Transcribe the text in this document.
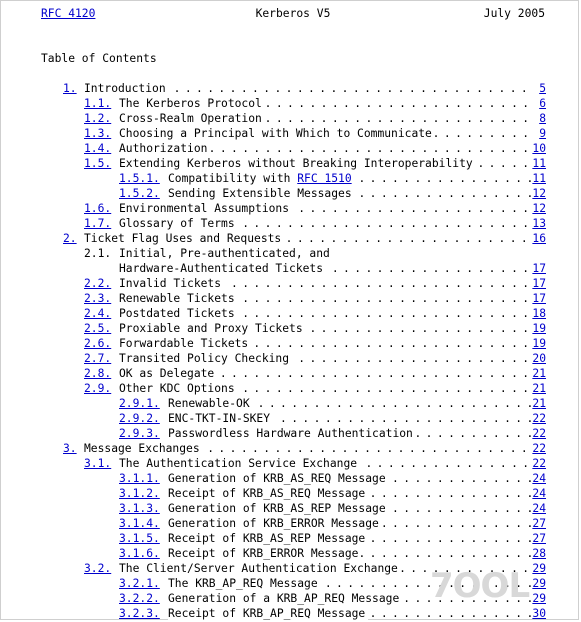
RFC 4120	Kerberos V5	July 2005
Table of Contents
1. Introduction . . .	5
1.1. The Kerberos Protocol . . .	6
1.2. Cross-Realm Operation . . .	8
1.3. Choosing a Principal with Which to Communicate . . .	9
1.4. Authorization . . .	10
1.5. Extending Kerberos without Breaking Interoperability . . .	11
1.5.1. Compatibility with RFC 1510 . . .	11
1.5.2. Sending Extensible Messages . . .	12
1.6. Environmental Assumptions . . .	12
1.7. Glossary of Terms . . .	13
2. Ticket Flag Uses and Requests . . .	16
2.1. Initial, Pre-authenticated, and
Hardware-Authenticated Tickets . . .	17
2.2. Invalid Tickets . . .	17
2.3. Renewable Tickets . . .	17
2.4. Postdated Tickets . . .	18
2.5. Proxiable and Proxy Tickets . . .	19
2.6. Forwardable Tickets . . .	19
2.7. Transited Policy Checking . . .	20
2.8. OK as Delegate . . .	21
2.9. Other KDC Options . . .	21
2.9.1. Renewable-OK . . .	21
2.9.2. ENC-TKT-IN-SKEY . . .	22
2.9.3. Passwordless Hardware Authentication . . .	22
3. Message Exchanges . . .	22
3.1. The Authentication Service Exchange . . .	22
3.1.1. Generation of KRB_AS_REQ Message . . .	24
3.1.2. Receipt of KRB_AS_REQ Message . . .	24
3.1.3. Generation of KRB_AS_REP Message . . .	24
3.1.4. Generation of KRB_ERROR Message . . .	27
3.1.5. Receipt of KRB_AS_REP Message . . .	27
3.1.6. Receipt of KRB_ERROR Message . . .	28
3.2. The Client/Server Authentication Exchange . . .	29
3.2.1. The KRB_AP_REQ Message . . .	29
3.2.2. Generation of a KRB_AP_REQ Message . . .	29
3.2.3. Receipt of KRB_AP_REQ Message . . .	30
7OOL
